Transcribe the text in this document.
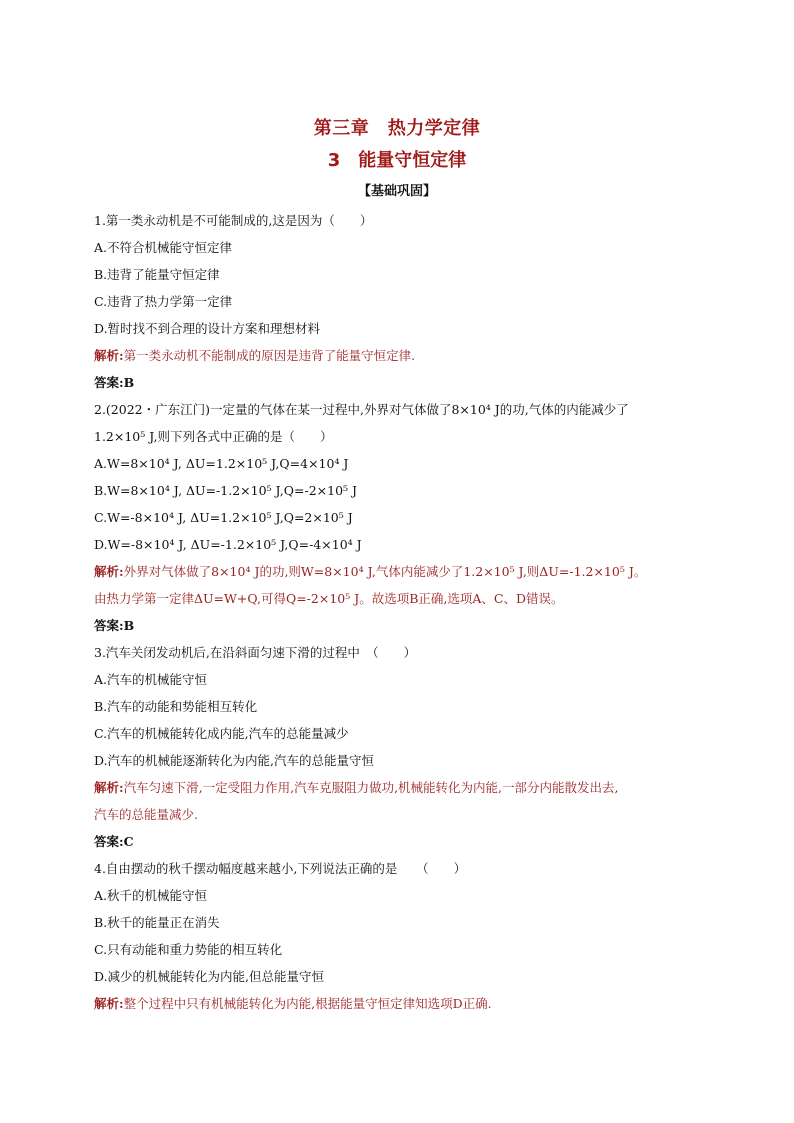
第三章　热力学定律
3　能量守恒定律
【基础巩固】
1.第一类永动机是不可能制成的,这是因为（　　）
A.不符合机械能守恒定律
B.违背了能量守恒定律
C.违背了热力学第一定律
D.暂时找不到合理的设计方案和理想材料
解析:第一类永动机不能制成的原因是违背了能量守恒定律.
答案:B
2.(2022・广东江门)一定量的气体在某一过程中,外界对气体做了8×10⁴ J的功,气体的内能减少了
1.2×10⁵ J,则下列各式中正确的是（　　）
A.W=8×10⁴ J, ΔU=1.2×10⁵ J,Q=4×10⁴ J
B.W=8×10⁴ J, ΔU=-1.2×10⁵ J,Q=-2×10⁵ J
C.W=-8×10⁴ J, ΔU=1.2×10⁵ J,Q=2×10⁵ J
D.W=-8×10⁴ J, ΔU=-1.2×10⁵ J,Q=-4×10⁴ J
解析:外界对气体做了8×10⁴ J的功,则W=8×10⁴ J,气体内能减少了1.2×10⁵ J,则ΔU=-1.2×10⁵ J。
由热力学第一定律ΔU=W+Q,可得Q=-2×10⁵ J。故选项B正确,选项A、C、D错误。
答案:B
3.汽车关闭发动机后,在沿斜面匀速下滑的过程中　（　　）
A.汽车的机械能守恒
B.汽车的动能和势能相互转化
C.汽车的机械能转化成内能,汽车的总能量减少
D.汽车的机械能逐渐转化为内能,汽车的总能量守恒
解析:汽车匀速下滑,一定受阻力作用,汽车克服阻力做功,机械能转化为内能,一部分内能散发出去,
汽车的总能量减少.
答案:C
4.自由摆动的秋千摆动幅度越来越小,下列说法正确的是　　（　　）
A.秋千的机械能守恒
B.秋千的能量正在消失
C.只有动能和重力势能的相互转化
D.减少的机械能转化为内能,但总能量守恒
解析:整个过程中只有机械能转化为内能,根据能量守恒定律知选项D正确.
